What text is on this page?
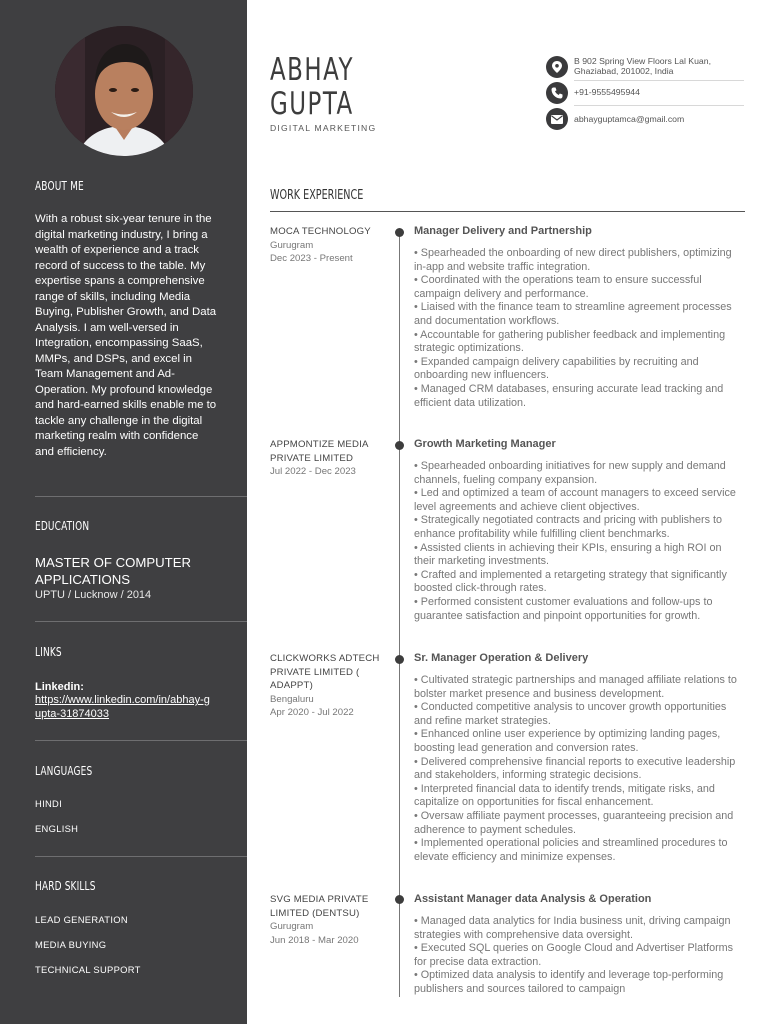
ABOUT ME
With a robust six-year tenure in the digital marketing industry, I bring a wealth of experience and a track record of success to the table. My expertise spans a comprehensive range of skills, including Media Buying, Publisher Growth, and Data Analysis. I am well-versed in Integration, encompassing SaaS, MMPs, and DSPs, and excel in Team Management and Ad-Operation. My profound knowledge and hard-earned skills enable me to tackle any challenge in the digital marketing realm with confidence and efficiency.
EDUCATION
MASTER OF COMPUTER APPLICATIONS
UPTU / Lucknow / 2014
LINKS
Linkedin:
https://www.linkedin.com/in/abhay-gupta-31874033
LANGUAGES
HINDI
ENGLISH
HARD SKILLS
LEAD GENERATION
MEDIA BUYING
TECHNICAL SUPPORT
ABHAY
GUPTA
DIGITAL MARKETING
B 902 Spring View Floors Lal Kuan,
Ghaziabad, 201002, India
+91-9555495944
abhayguptamca@gmail.com
WORK EXPERIENCE
MOCA TECHNOLOGY
Gurugram
Dec 2023 - Present
Manager Delivery and Partnership
• Spearheaded the onboarding of new direct publishers, optimizing in-app and website traffic integration.
• Coordinated with the operations team to ensure successful campaign delivery and performance.
• Liaised with the finance team to streamline agreement processes and documentation workflows.
• Accountable for gathering publisher feedback and implementing strategic optimizations.
• Expanded campaign delivery capabilities by recruiting and onboarding new influencers.
• Managed CRM databases, ensuring accurate lead tracking and efficient data utilization.
APPMONTIZE MEDIA PRIVATE LIMITED
Jul 2022 - Dec 2023
Growth Marketing Manager
• Spearheaded onboarding initiatives for new supply and demand channels, fueling company expansion.
• Led and optimized a team of account managers to exceed service level agreements and achieve client objectives.
• Strategically negotiated contracts and pricing with publishers to enhance profitability while fulfilling client benchmarks.
• Assisted clients in achieving their KPIs, ensuring a high ROI on their marketing investments.
• Crafted and implemented a retargeting strategy that significantly boosted click-through rates.
• Performed consistent customer evaluations and follow-ups to guarantee satisfaction and pinpoint opportunities for growth.
CLICKWORKS ADTECH PRIVATE LIMITED ( ADAPPT)
Bengaluru
Apr 2020 - Jul 2022
Sr. Manager Operation & Delivery
• Cultivated strategic partnerships and managed affiliate relations to bolster market presence and business development.
• Conducted competitive analysis to uncover growth opportunities and refine market strategies.
• Enhanced online user experience by optimizing landing pages, boosting lead generation and conversion rates.
• Delivered comprehensive financial reports to executive leadership and stakeholders, informing strategic decisions.
• Interpreted financial data to identify trends, mitigate risks, and capitalize on opportunities for fiscal enhancement.
• Oversaw affiliate payment processes, guaranteeing precision and adherence to payment schedules.
• Implemented operational policies and streamlined procedures to elevate efficiency and minimize expenses.
SVG MEDIA PRIVATE LIMITED (DENTSU)
Gurugram
Jun 2018 - Mar 2020
Assistant Manager data Analysis & Operation
• Managed data analytics for India business unit, driving campaign strategies with comprehensive data oversight.
• Executed SQL queries on Google Cloud and Advertiser Platforms for precise data extraction.
• Optimized data analysis to identify and leverage top-performing publishers and sources tailored to campaign
